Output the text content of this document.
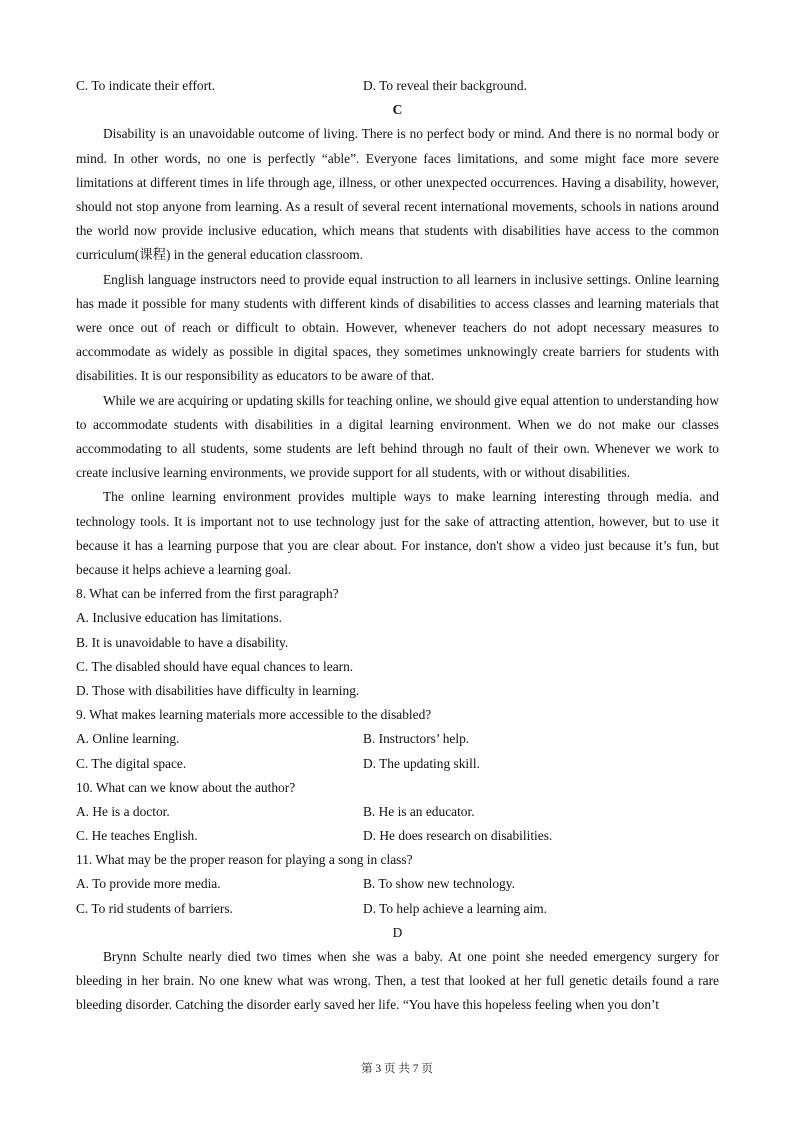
C. To indicate their effort.	D. To reveal their background.
C

Disability is an unavoidable outcome of living. There is no perfect body or mind. And there is no normal body or mind. In other words, no one is perfectly “able”. Everyone faces limitations, and some might face more severe limitations at different times in life through age, illness, or other unexpected occurrences. Having a disability, however, should not stop anyone from learning. As a result of several recent international movements, schools in nations around the world now provide inclusive education, which means that students with disabilities have access to the common curriculum(课程) in the general education classroom.

English language instructors need to provide equal instruction to all learners in inclusive settings. Online learning has made it possible for many students with different kinds of disabilities to access classes and learning materials that were once out of reach or difficult to obtain. However, whenever teachers do not adopt necessary measures to accommodate as widely as possible in digital spaces, they sometimes unknowingly create barriers for students with disabilities. It is our responsibility as educators to be aware of that.

While we are acquiring or updating skills for teaching online, we should give equal attention to understanding how to accommodate students with disabilities in a digital learning environment. When we do not make our classes accommodating to all students, some students are left behind through no fault of their own. Whenever we work to create inclusive learning environments, we provide support for all students, with or without disabilities.

The online learning environment provides multiple ways to make learning interesting through media. and technology tools. It is important not to use technology just for the sake of attracting attention, however, but to use it because it has a learning purpose that you are clear about. For instance, don't show a video just because it’s fun, but because it helps achieve a learning goal.

8. What can be inferred from the first paragraph?
A. Inclusive education has limitations.
B. It is unavoidable to have a disability.
C. The disabled should have equal chances to learn.
D. Those with disabilities have difficulty in learning.
9. What makes learning materials more accessible to the disabled?
A. Online learning.	B. Instructors’ help.
C. The digital space.	D. The updating skill.
10. What can we know about the author?
A. He is a doctor.	B. He is an educator.
C. He teaches English.	D. He does research on disabilities.
11. What may be the proper reason for playing a song in class?
A. To provide more media.	B. To show new technology.
C. To rid students of barriers.	D. To help achieve a learning aim.
D

Brynn Schulte nearly died two times when she was a baby. At one point she needed emergency surgery for bleeding in her brain. No one knew what was wrong. Then, a test that looked at her full genetic details found a rare bleeding disorder. Catching the disorder early saved her life. “You have this hopeless feeling when you don’t

第 3 页 共 7 页
